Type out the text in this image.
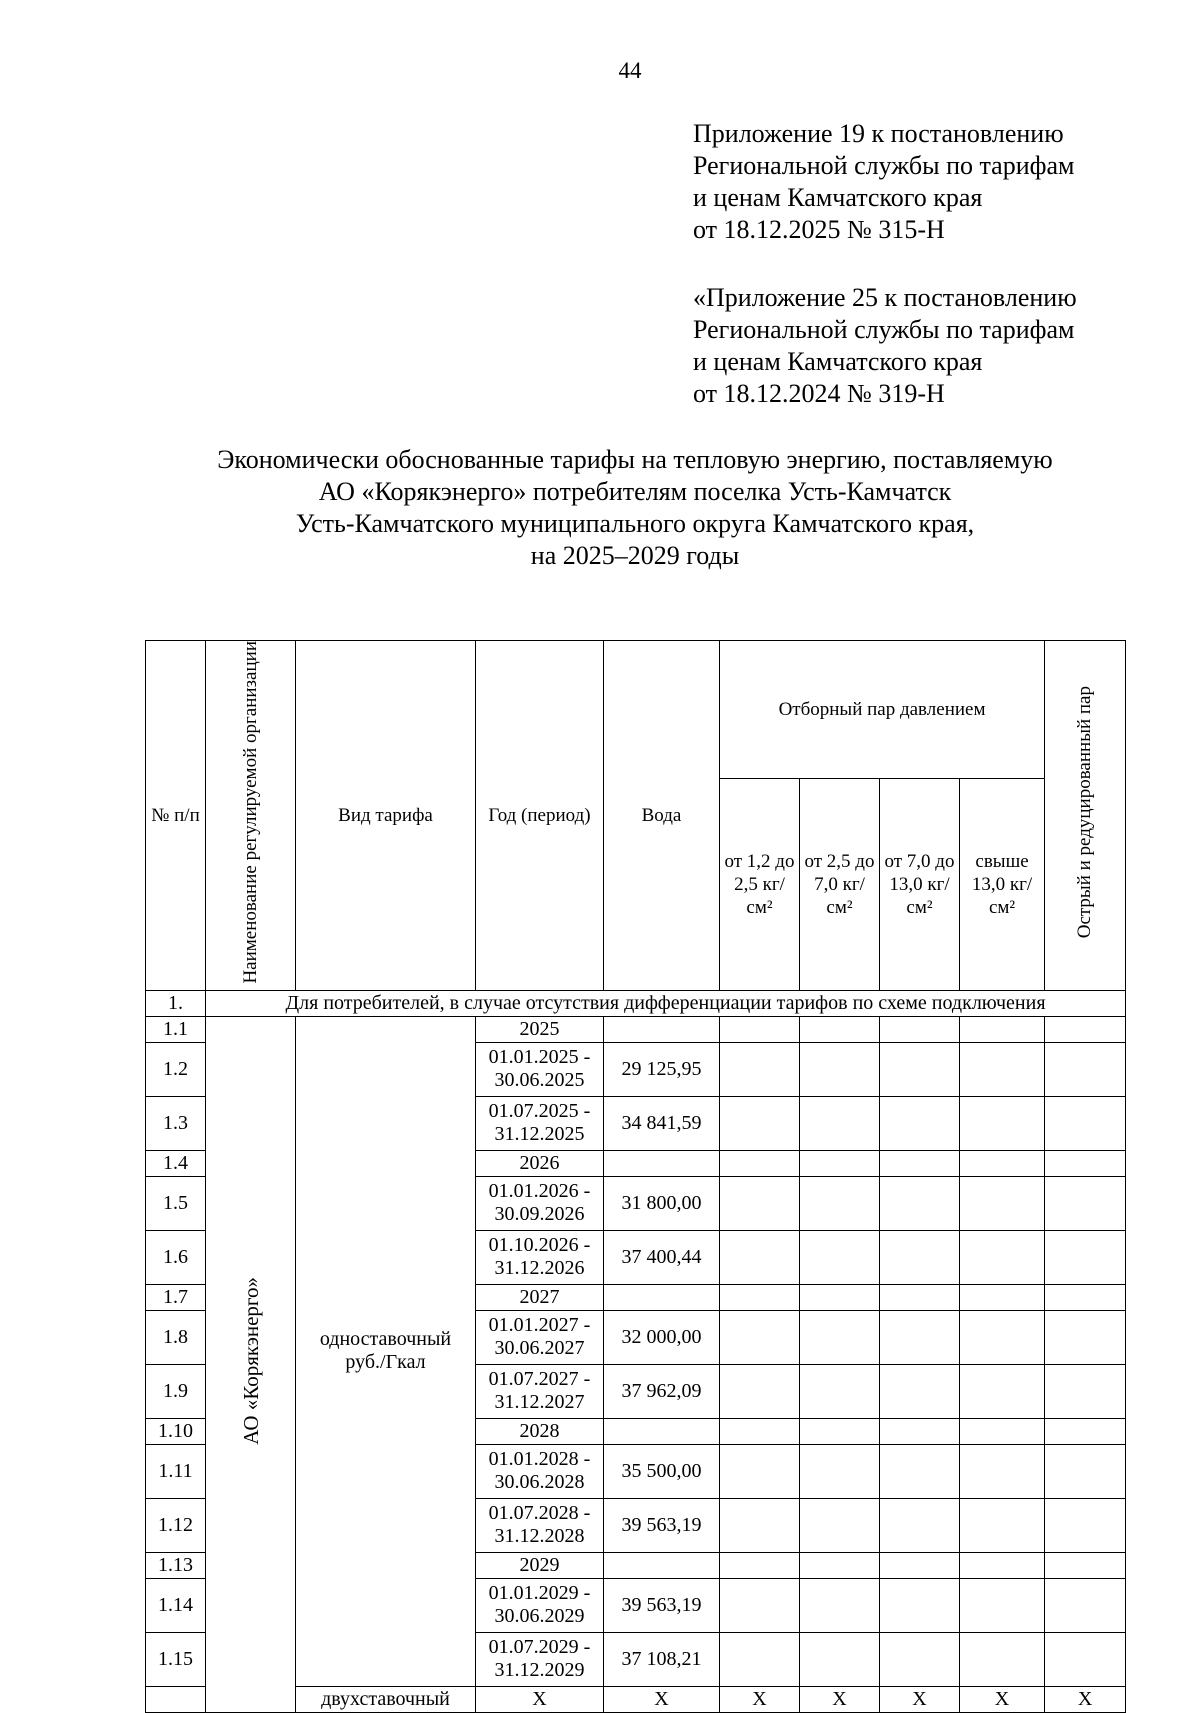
44
Приложение 19 к постановлению
Региональной службы по тарифам
и ценам Камчатского края
от 18.12.2025 № 315-Н
«Приложение 25 к постановлению
Региональной службы по тарифам
и ценам Камчатского края
от 18.12.2024 № 319-Н
Экономически обоснованные тарифы на тепловую энергию, поставляемую
АО «Корякэнерго» потребителям поселка Усть-Камчатск
Усть-Камчатского муниципального округа Камчатского края,
на 2025–2029 годы
№ п/п	Наименование регулируемой организации	Вид тарифа	Год (период)	Вода	Отборный пар давлением				Острый и редуцированный пар
					от 1,2 до 2,5 кг/см²	от 2,5 до 7,0 кг/см²	от 7,0 до 13,0 кг/см²	свыше 13,0 кг/см²	
1.	Для потребителей, в случае отсутствия дифференциации тарифов по схеме подключения								
1.1	АО «Корякэнерго»	одноставочный руб./Гкал	2025						
1.2			01.01.2025 - 30.06.2025	29 125,95					
1.3			01.07.2025 - 31.12.2025	34 841,59					
1.4			2026						
1.5			01.01.2026 - 30.09.2026	31 800,00					
1.6			01.10.2026 - 31.12.2026	37 400,44					
1.7			2027						
1.8			01.01.2027 - 30.06.2027	32 000,00					
1.9			01.07.2027 - 31.12.2027	37 962,09					
1.10			2028						
1.11			01.01.2028 - 30.06.2028	35 500,00					
1.12			01.07.2028 - 31.12.2028	39 563,19					
1.13			2029						
1.14			01.01.2029 - 30.06.2029	39 563,19					
1.15			01.07.2029 - 31.12.2029	37 108,21					
		двухставочный	Х	Х	Х	Х	Х	Х	Х
